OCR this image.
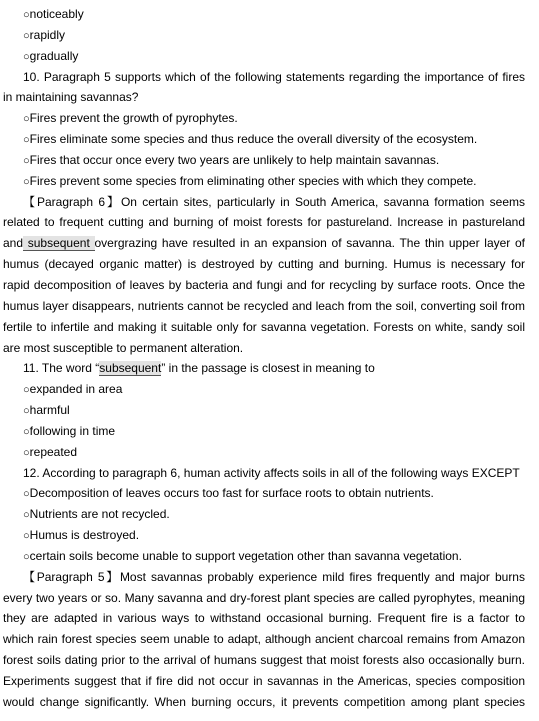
○noticeably
○rapidly
○gradually
10. Paragraph 5 supports which of the following statements regarding the importance of fires
in maintaining savannas?
○Fires prevent the growth of pyrophytes.
○Fires eliminate some species and thus reduce the overall diversity of the ecosystem.
○Fires that occur once every two years are unlikely to help maintain savannas.
○Fires prevent some species from eliminating other species with which they compete.
【Paragraph 6】On certain sites, particularly in South America, savanna formation seems
related to frequent cutting and burning of moist forests for pastureland. Increase in pastureland
and subsequent overgrazing have resulted in an expansion of savanna. The thin upper layer of
humus (decayed organic matter) is destroyed by cutting and burning. Humus is necessary for
rapid decomposition of leaves by bacteria and fungi and for recycling by surface roots. Once the
humus layer disappears, nutrients cannot be recycled and leach from the soil, converting soil from
fertile to infertile and making it suitable only for savanna vegetation. Forests on white, sandy soil
are most susceptible to permanent alteration.
11. The word “subsequent” in the passage is closest in meaning to
○expanded in area
○harmful
○following in time
○repeated
12. According to paragraph 6, human activity affects soils in all of the following ways EXCEPT
○Decomposition of leaves occurs too fast for surface roots to obtain nutrients.
○Nutrients are not recycled.
○Humus is destroyed.
○certain soils become unable to support vegetation other than savanna vegetation.
【Paragraph 5】Most savannas probably experience mild fires frequently and major burns
every two years or so. Many savanna and dry-forest plant species are called pyrophytes, meaning
they are adapted in various ways to withstand occasional burning. Frequent fire is a factor to
which rain forest species seem unable to adapt, although ancient charcoal remains from Amazon
forest soils dating prior to the arrival of humans suggest that moist forests also occasionally burn.
Experiments suggest that if fire did not occur in savannas in the Americas, species composition
would change significantly. When burning occurs, it prevents competition among plant species
